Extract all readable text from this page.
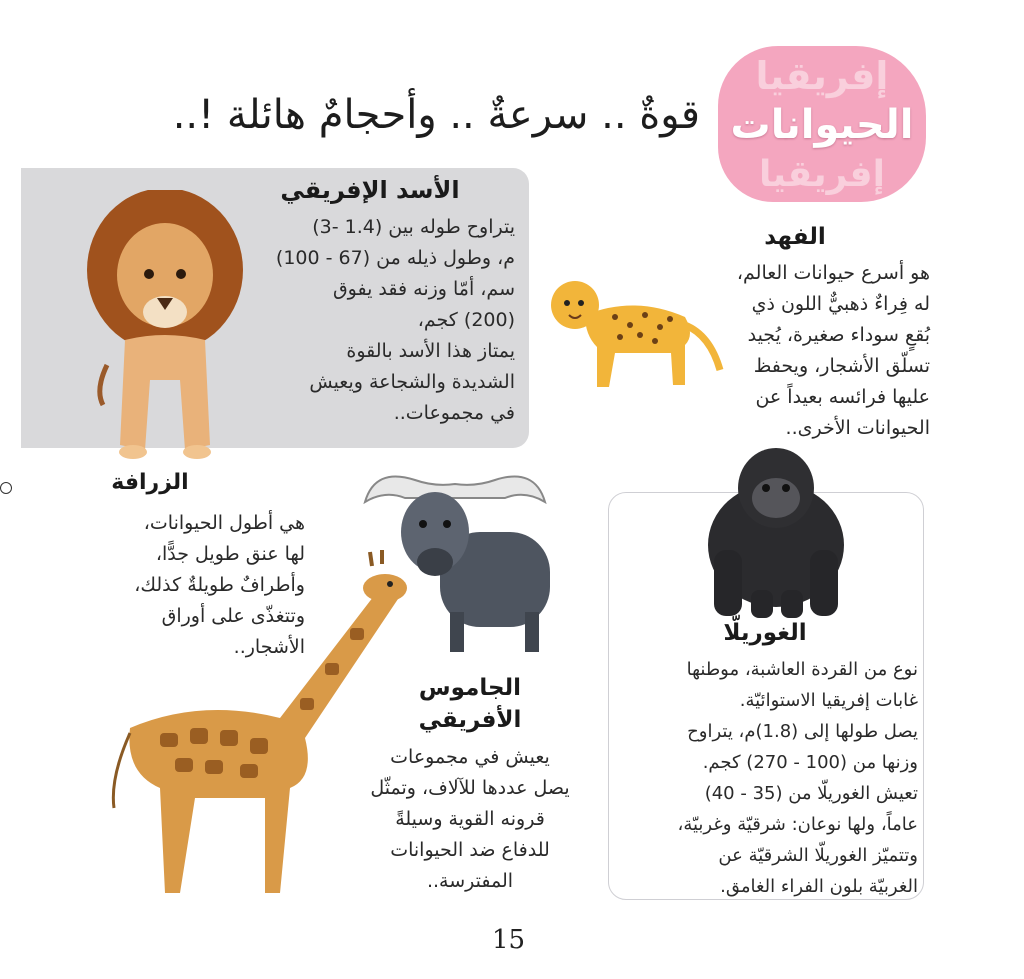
قوةٌ .. سرعةٌ .. وأحجامٌ هائلة !..
إفريقيا
الحيوانات
إفريقيا
الأسد الإفريقي
يتراوح طوله بين (1.4 -3)
م، وطول ذيله من (67 - 100)
سم، أمّا وزنه فقد يفوق
(200) كجم،
يمتاز هذا الأسد بالقوة
الشديدة والشجاعة ويعيش
في مجموعات..
الفهد
هو أسرع حيوانات العالم،
له فِراءٌ ذهبيٌّ اللون ذي
بُقعٍ سوداء صغيرة، يُجيد
تسلّق الأشجار، ويحفظ
عليها فرائسه بعيداً عن
الحيوانات الأخرى..
الزرافة
هي أطول الحيوانات،
لها عنق طويل جدًّا،
وأطرافٌ طويلةٌ كذلك،
وتتغذّى على أوراق
الأشجار..
الجاموس
الأفريقي
يعيش في مجموعات
يصل عددها للآلاف، وتمثّل
قرونه القوية وسيلةً
للدفاع ضد الحيوانات
المفترسة..
الغوريلّا
نوع من القردة العاشبة، موطنها
غابات إفريقيا الاستوائيّة.
يصل طولها إلى (1.8)م، يتراوح
وزنها من (100 - 270) كجم.
تعيش الغوريلّا من (35 - 40)
عاماً، ولها نوعان: شرقيّة وغربيّة،
وتتميّز الغوريلّا الشرقيّة عن
الغربيّة بلون الفراء الغامق.
15
